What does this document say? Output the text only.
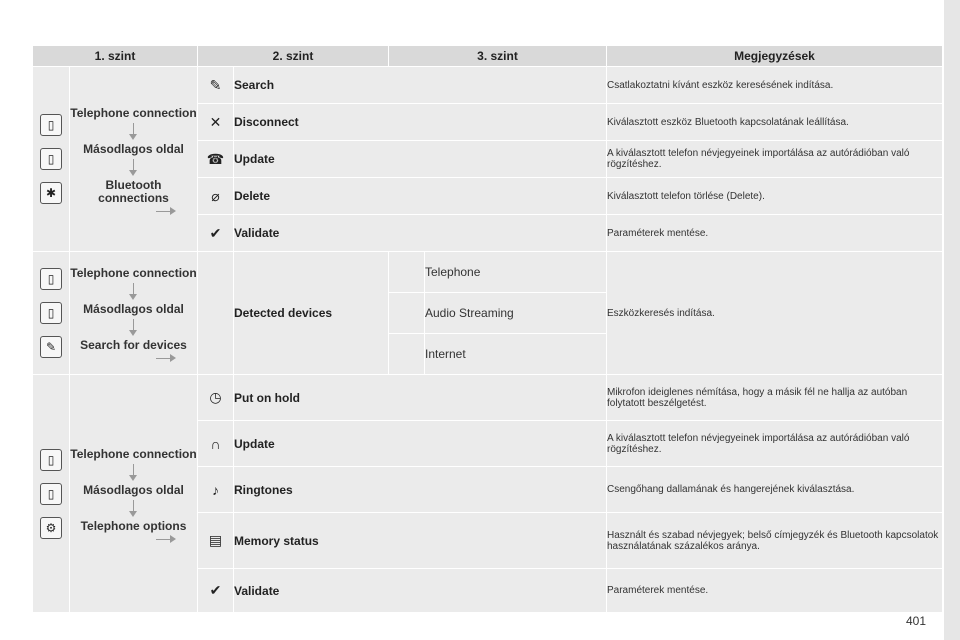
1. szint		2. szint		3. szint		Megjegyzések

▯
▯
✱	Telephone connection
Másodlagos oldal
Bluetooth connections	✎	Search			Csatlakoztatni kívánt eszköz keresésének indítása.
		✕	Disconnect			Kiválasztott eszköz Bluetooth kapcsolatának leállítása.
		☎	Update			A kiválasztott telefon névjegyeinek importálása az autórádióban való rögzítéshez.
		⌀	Delete			Kiválasztott telefon törlése (Delete).
		✔	Validate			Paraméterek mentése.

▯
▯
✎	Telephone connection
Másodlagos oldal
Search for devices		Detected devices		Telephone	Eszközkeresés indítása.
					Audio Streaming	
					Internet	

▯
▯
⚙	Telephone connection
Másodlagos oldal
Telephone options	◷	Put on hold			Mikrofon ideiglenes némítása, hogy a másik fél ne hallja az autóban folytatott beszélgetést.
		∩	Update			A kiválasztott telefon névjegyeinek importálása az autórádióban való rögzítéshez.
		♪	Ringtones			Csengőhang dallamának és hangerejének kiválasztása.
		▤	Memory status			Használt és szabad névjegyek; belső címjegyzék és Bluetooth kapcsolatok használatának százalékos aránya.
		✔	Validate			Paraméterek mentése.
401
